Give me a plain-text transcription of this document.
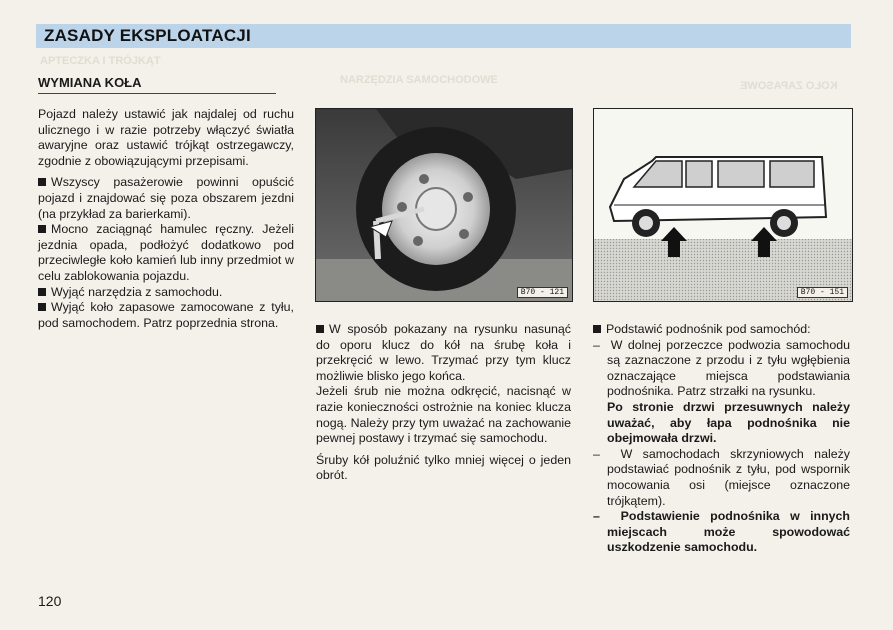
ZASADY EKSPLOATACJI
APTECZKA I TRÓJKĄT
NARZĘDZIA SAMOCHODOWE	KOŁO ZAPASOWE
WYMIANA KOŁA

Pojazd należy ustawić jak najdalej od ruchu ulicznego i w razie potrzeby włączyć światła awaryjne oraz ustawić trójkąt ostrzegawczy, zgodnie z obowiązującymi przepisami.

Wszyscy pasażerowie powinni opuścić pojazd i znajdować się poza obszarem jezdni (na przykład za barierkami).

Mocno zaciągnąć hamulec ręczny. Jeżeli jezdnia opada, podłożyć dodatkowo pod przeciwległe koło kamień lub inny przedmiot w celu zablokowania pojazdu.

Wyjąć narzędzia z samochodu.

Wyjąć koło zapasowe zamocowane z tyłu, pod samochodem. Patrz poprzednia strona.

B70 - 121	B70 - 151

W sposób pokazany na rysunku nasunąć do oporu klucz do kół na śrubę koła i przekręcić w lewo. Trzymać przy tym klucz możliwie blisko jego końca.

Jeżeli śrub nie można odkręcić, nacisnąć w razie konieczności ostrożnie na koniec klucza nogą. Należy przy tym uważać na zachowanie pewnej postawy i trzymać się samochodu.

Śruby kół poluźnić tylko mniej więcej o jeden obrót.

Podstawić podnośnik pod samochód:

–  W dolnej porzeczce podwozia samochodu są zaznaczone z przodu i z tyłu wgłębienia oznaczające miejsca podstawiania podnośnika. Patrz strzałki na rysunku.

Po stronie drzwi przesuwnych należy uważać, aby łapa podnośnika nie obejmowała drzwi.

–  W samochodach skrzyniowych należy podstawiać podnośnik z tyłu, pod wspornik mocowania osi (miejsce oznaczone trójkątem).

–  Podstawienie podnośnika w innych miejscach może spowodować uszkodzenie samochodu.

120
